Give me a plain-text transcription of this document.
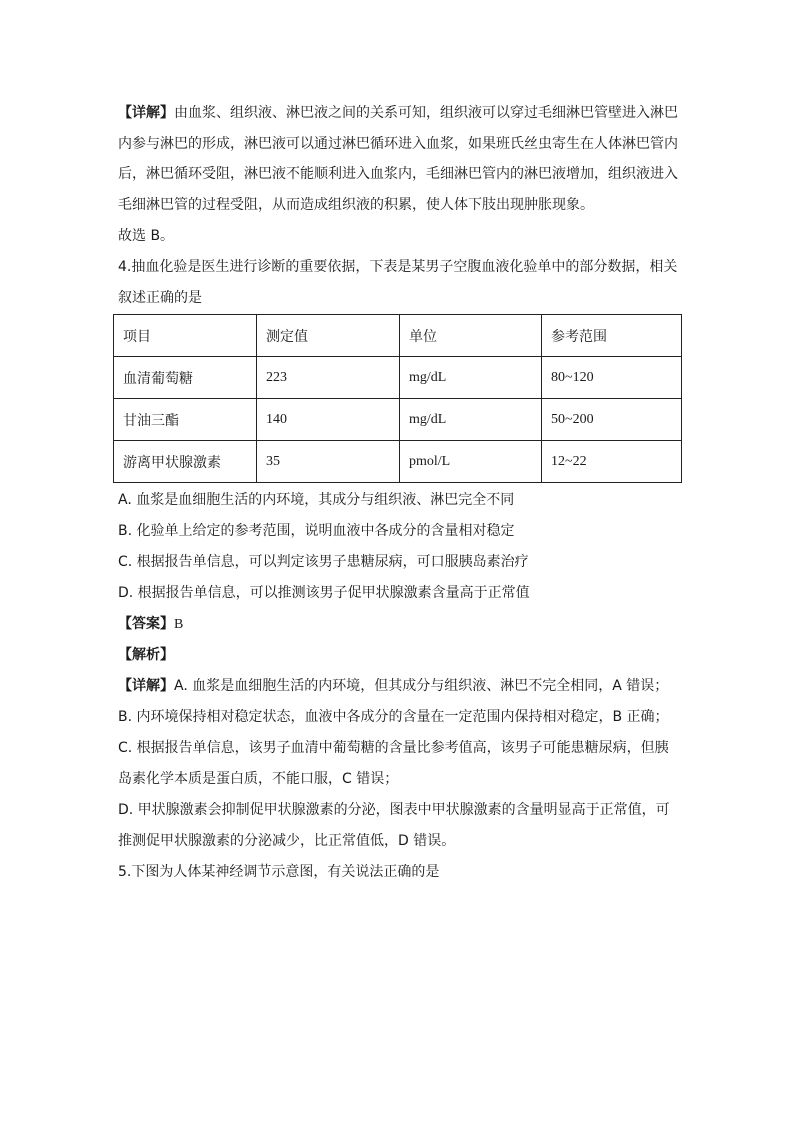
【详解】由血浆、组织液、淋巴液之间的关系可知，组织液可以穿过毛细淋巴管壁进入淋巴
内参与淋巴的形成，淋巴液可以通过淋巴循环进入血浆，如果班氏丝虫寄生在人体淋巴管内
后，淋巴循环受阻，淋巴液不能顺利进入血浆内，毛细淋巴管内的淋巴液增加，组织液进入
毛细淋巴管的过程受阻，从而造成组织液的积累，使人体下肢出现肿胀现象。
故选 B。
4.抽血化验是医生进行诊断的重要依据，下表是某男子空腹血液化验单中的部分数据，相关
叙述正确的是
项目	测定值	单位	参考范围
血清葡萄糖	223	mg/dL	80~120
甘油三酯	140	mg/dL	50~200
游离甲状腺激素	35	pmol/L	12~22
A. 血浆是血细胞生活的内环境，其成分与组织液、淋巴完全不同
B. 化验单上给定的参考范围，说明血液中各成分的含量相对稳定
C. 根据报告单信息，可以判定该男子患糖尿病，可口服胰岛素治疗
D. 根据报告单信息，可以推测该男子促甲状腺激素含量高于正常值
【答案】B
【解析】
【详解】A. 血浆是血细胞生活的内环境，但其成分与组织液、淋巴不完全相同，A 错误；
B. 内环境保持相对稳定状态，血液中各成分的含量在一定范围内保持相对稳定，B 正确；
C. 根据报告单信息，该男子血清中葡萄糖的含量比参考值高，该男子可能患糖尿病，但胰
岛素化学本质是蛋白质，不能口服，C 错误；
D. 甲状腺激素会抑制促甲状腺激素的分泌，图表中甲状腺激素的含量明显高于正常值，可
推测促甲状腺激素的分泌减少，比正常值低，D 错误。
5.下图为人体某神经调节示意图，有关说法正确的是
